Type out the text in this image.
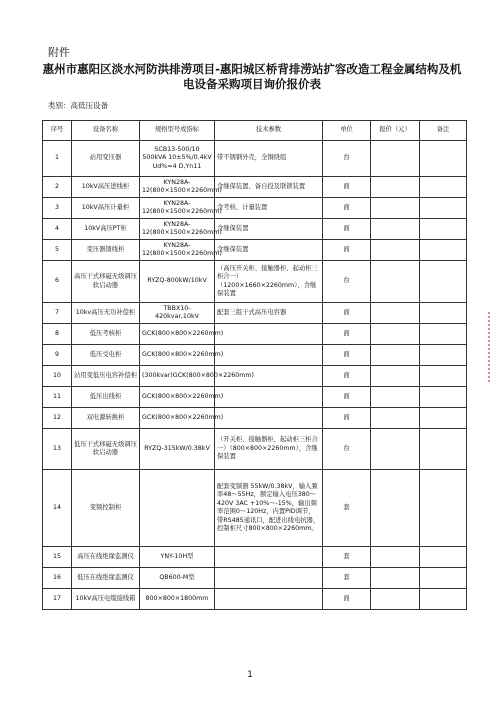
附件
惠州市惠阳区淡水河防洪排涝项目-惠阳城区桥背排涝站扩容改造工程金属结构及机电设备采购项目询价报价表
类别：高低压设备
序号	设备名称	规格型号或指标	技术参数	单位	报价（元）	备注
1	站用变压器	SCB13-500/10 500kVA 10±5%/0.4kV Ud%=4 D,Yn11	带不锈钢外壳，全铜绕组	台		
2	10kV高压进线柜	KYN28A-12(800×1500×2260mm)	含继保装置、备自投及联锁装置	面		
3	10kV高压计量柜	KYN28A-12(800×1500×2260mm)	含考核、计量装置	面		
4	10kV高压PT柜	KYN28A-12(800×1500×2260mm)	含继保装置	面		
5	变压器馈线柜	KYN28A-12(800×1500×2260mm)	含继保装置	面		
6	高压干式移磁无级调压软启动器	RYZQ-800kW/10kV	（高压开关柜、接触器柜、起动柜三柜合一）（1200×1660×2260mm），含继保装置	台		
7	10kv高压无功补偿柜	TBBX10-420kvar,10kV	配套三组干式高压电容器	面		
8	低压考核柜	GCK(800×800×2260mm)		面		
9	低压受电柜	GCK(800×800×2260mm)		面		
10	站用变低压电容补偿柜	(300kvar)GCK(800×800×2260mm)		面		
11	低压出线柜	GCK(800×800×2260mm)		面		
12	双电源转换柜	GCK(800×800×2260mm)		面		
13	低压干式移磁无级调压软启动器	RYZQ-315kW/0.38kV	（开关柜、接触器柜、起动柜三柜合一）（800×800×2260mm），含继保装置	台		
14	变频控制柜		配套变频器 55kW/0.38kV，输入频率48～55Hz，额定输入电压380～420V 3AC +10%～-15%，输出频率范围0～120Hz，内置PID调节，带RS485通讯口，配进出线电抗器，控制柜尺寸800×800×2260mm。	套		
15	高压在线绝缘监测仪	YNY-10H型		套		
16	低压在线绝缘监测仪	QB600-M型		套		
17	10kV高压电缆接线箱	800×800×1800mm		面		
1
